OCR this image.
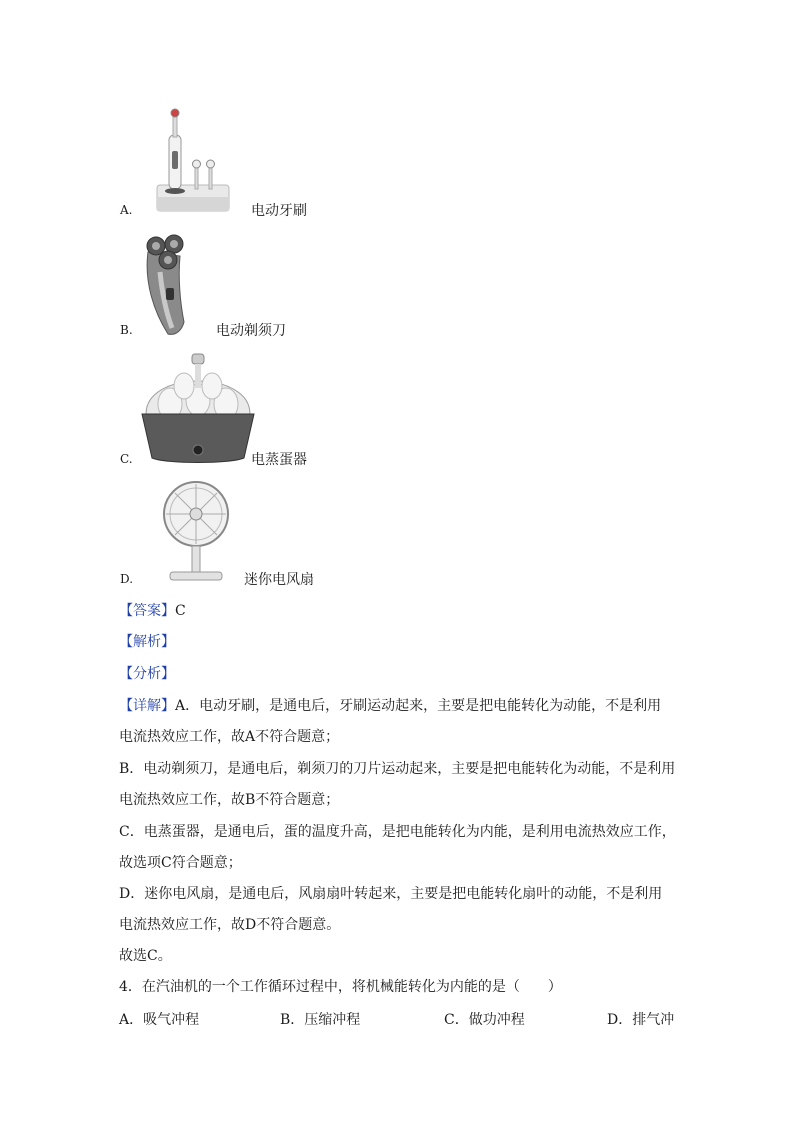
A.	电动牙刷
B.	电动剃须刀
C.	电蒸蛋器
D.	迷你电风扇
【答案】C
【解析】
【分析】
【详解】A．电动牙刷，是通电后，牙刷运动起来，主要是把电能转化为动能，不是利用
电流热效应工作，故A不符合题意；
B．电动剃须刀，是通电后，剃须刀的刀片运动起来，主要是把电能转化为动能，不是利用
电流热效应工作，故B不符合题意；
C．电蒸蛋器，是通电后，蛋的温度升高，是把电能转化为内能，是利用电流热效应工作，
故选项C符合题意；
D．迷你电风扇，是通电后，风扇扇叶转起来，主要是把电能转化扇叶的动能，不是利用
电流热效应工作，故D不符合题意。
故选C。
4．在汽油机的一个工作循环过程中，将机械能转化为内能的是（　　）
A．吸气冲程	B．压缩冲程	C．做功冲程	D．排气冲
